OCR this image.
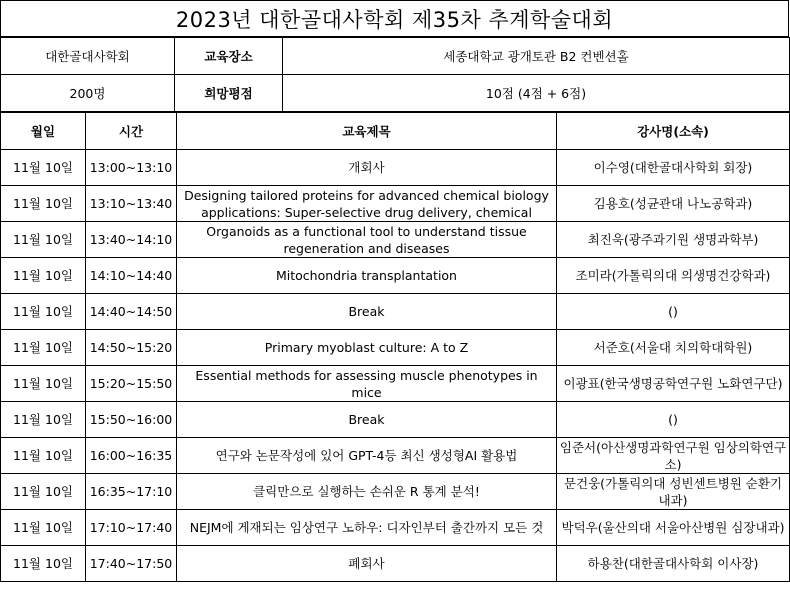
2023년 대한골대사학회 제35차 추계학술대회
대한골대사학회	교육장소	세종대학교 광개토관 B2 컨벤션홀
200명	희망평점	10점 (4점 + 6점)
월일	시간	교육제목	강사명(소속)

11월 10일	13:00~13:10	개회사	이수영(대한골대사학회 회장)

11월 10일	13:10~13:40	Designing tailored proteins for advanced chemical biology applications: Super-selective drug delivery, chemical	김용호(성균관대 나노공학과)

11월 10일	13:40~14:10	Organoids as a functional tool to understand tissue regeneration and diseases	최진욱(광주과기원 생명과학부)

11월 10일	14:10~14:40	Mitochondria transplantation	조미라(가톨릭의대 의생명건강학과)

11월 10일	14:40~14:50	Break	()

11월 10일	14:50~15:20	Primary myoblast culture: A to Z	서준호(서울대 치의학대학원)

11월 10일	15:20~15:50	Essential methods for assessing muscle phenotypes in mice	이광표(한국생명공학연구원 노화연구단)

11월 10일	15:50~16:00	Break	()

11월 10일	16:00~16:35	연구와 논문작성에 있어 GPT-4등 최신 생성형AI 활용법	임준서(아산생명과학연구원 임상의학연구소)

11월 10일	16:35~17:10	클릭만으로 실행하는 손쉬운 R 통계 분석!	문건웅(가톨릭의대 성빈센트병원 순환기내과)

11월 10일	17:10~17:40	NEJM에 게재되는 임상연구 노하우: 디자인부터 출간까지 모든 것	박덕우(울산의대 서울아산병원 심장내과)

11월 10일	17:40~17:50	폐회사	하용찬(대한골대사학회 이사장)
